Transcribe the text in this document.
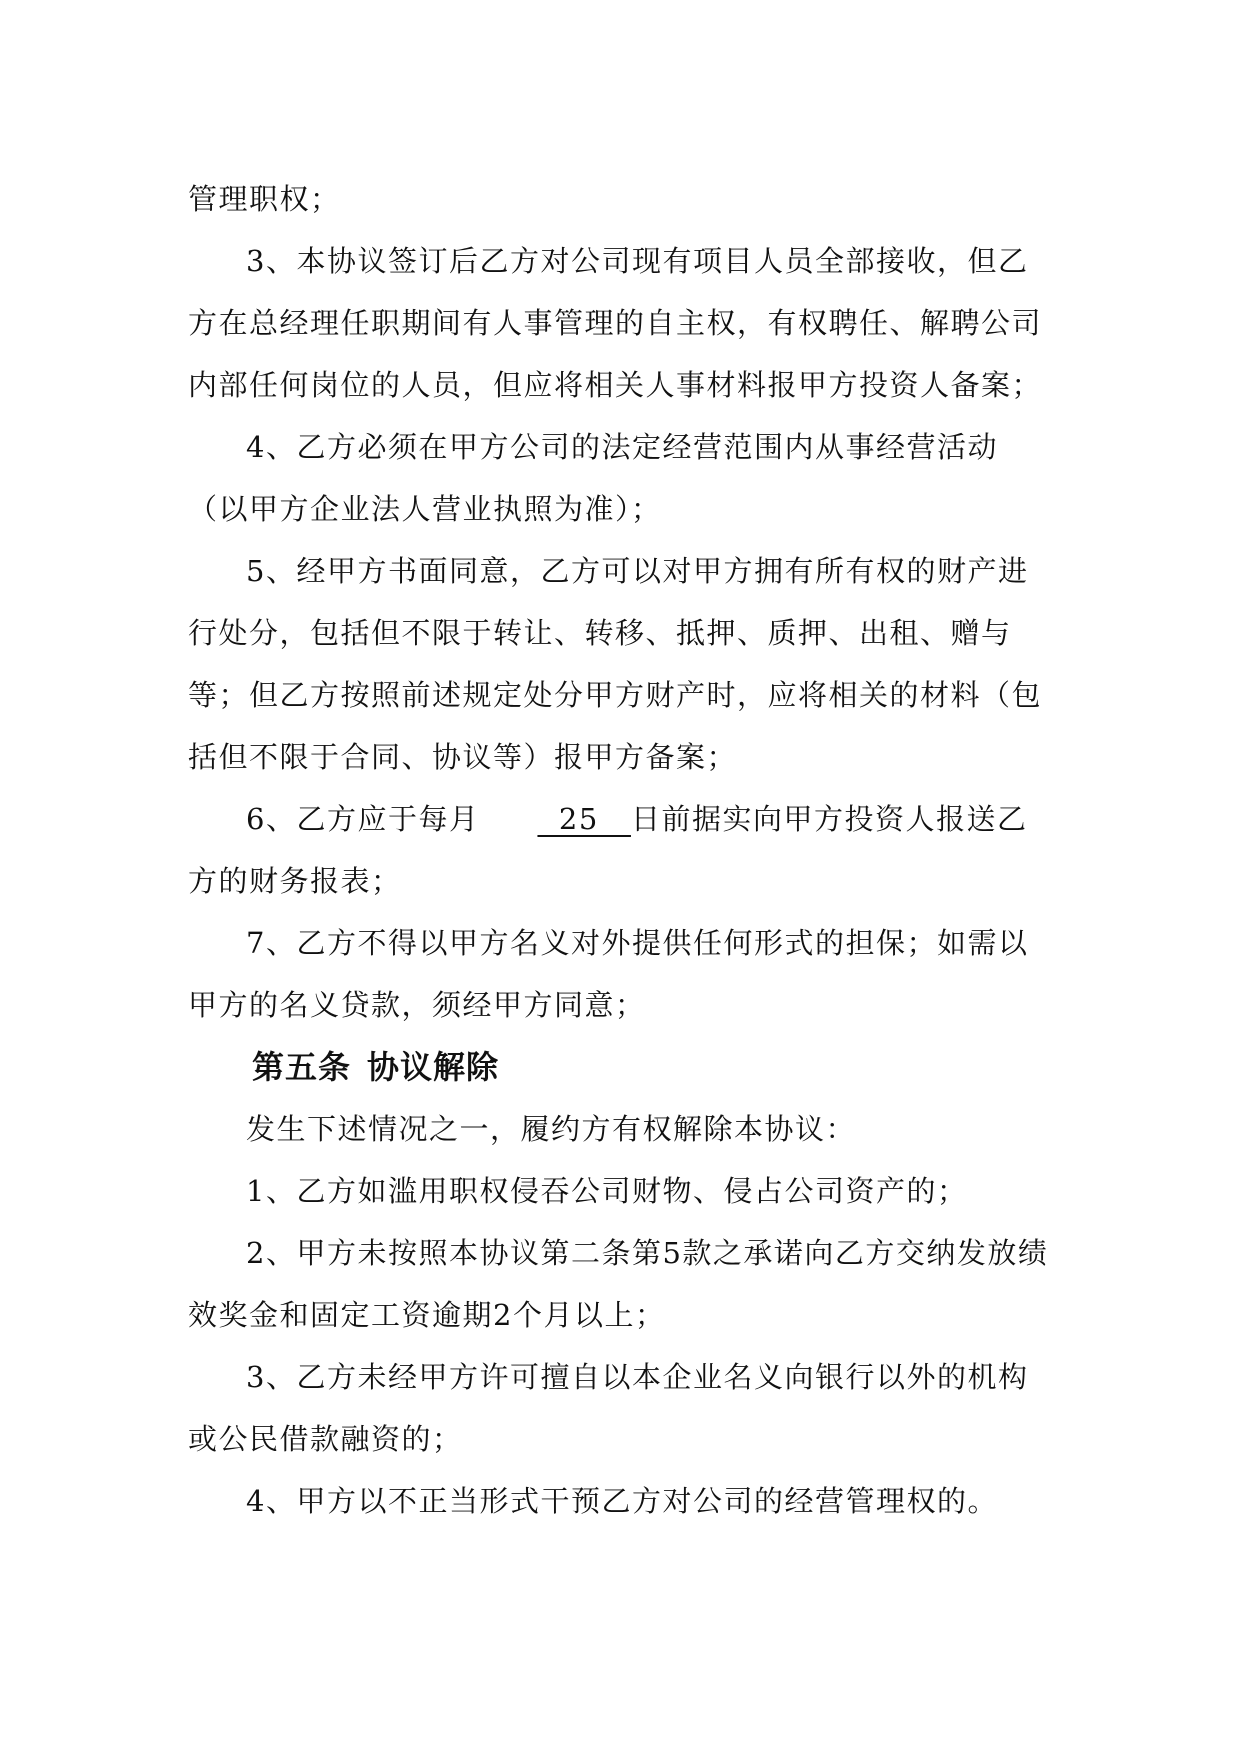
管理职权；

3、本协议签订后乙方对公司现有项目人员全部接收，但乙方在总经理任职期间有人事管理的自主权，有权聘任、解聘公司内部任何岗位的人员，但应将相关人事材料报甲方投资人备案；

4、乙方必须在甲方公司的法定经营范围内从事经营活动（以甲方企业法人营业执照为准）；

5、经甲方书面同意，乙方可以对甲方拥有所有权的财产进行处分，包括但不限于转让、转移、抵押、质押、出租、赠与等；但乙方按照前述规定处分甲方财产时，应将相关的材料（包括但不限于合同、协议等）报甲方备案；

6、乙方应于每月  25   日前据实向甲方投资人报送乙方的财务报表；

7、乙方不得以甲方名义对外提供任何形式的担保；如需以甲方的名义贷款，须经甲方同意；

第五条 协议解除

发生下述情况之一，履约方有权解除本协议：

1、乙方如滥用职权侵吞公司财物、侵占公司资产的；

2、甲方未按照本协议第二条第5款之承诺向乙方交纳发放绩效奖金和固定工资逾期2个月以上；

3、乙方未经甲方许可擅自以本企业名义向银行以外的机构或公民借款融资的；

4、甲方以不正当形式干预乙方对公司的经营管理权的。
